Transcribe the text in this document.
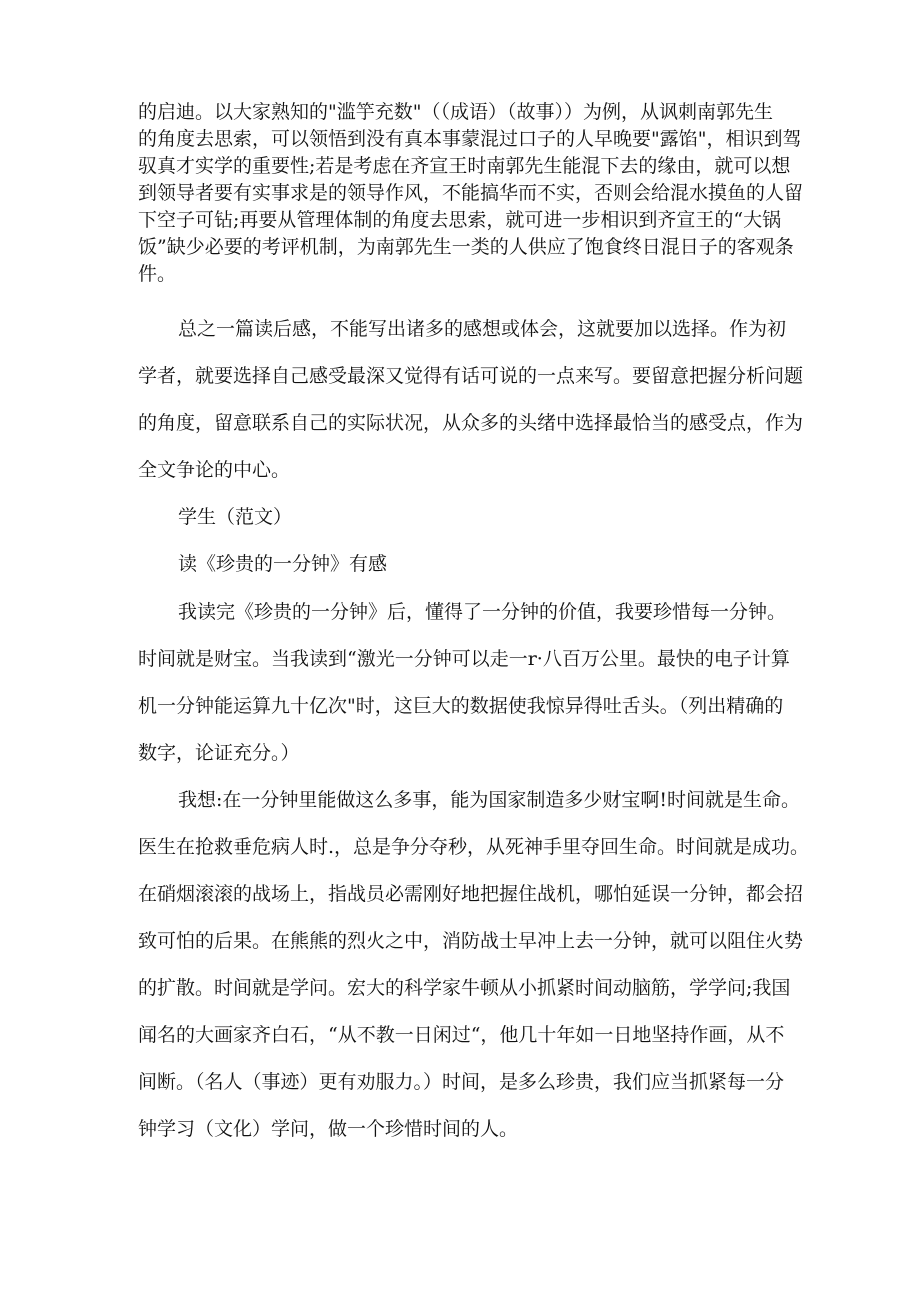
的启迪。以大家熟知的"滥竽充数"（（成语）（故事））为例，从讽刺南郭先生
的角度去思索，可以领悟到没有真本事蒙混过口子的人早晚要"露馅"，相识到驾
驭真才实学的重要性;若是考虑在齐宣王时南郭先生能混下去的缘由，就可以想
到领导者要有实事求是的领导作风，不能搞华而不实，否则会给混水摸鱼的人留
下空子可钻;再要从管理体制的角度去思索，就可进一步相识到齐宣王的“大锅
饭”缺少必要的考评机制，为南郭先生一类的人供应了饱食终日混日子的客观条
件。
总之一篇读后感，不能写出诸多的感想或体会，这就要加以选择。作为初
学者，就要选择自己感受最深又觉得有话可说的一点来写。要留意把握分析问题
的角度，留意联系自己的实际状况，从众多的头绪中选择最恰当的感受点，作为
全文争论的中心。
学生（范文）
读《珍贵的一分钟》有感
我读完《珍贵的一分钟》后，懂得了一分钟的价值，我要珍惜每一分钟。
时间就是财宝。当我读到“激光一分钟可以走一r·八百万公里。最快的电子计算
机一分钟能运算九十亿次"时，这巨大的数据使我惊异得吐舌头。（列出精确的
数字，论证充分。）
我想:在一分钟里能做这么多事，能为国家制造多少财宝啊!时间就是生命。
医生在抢救垂危病人时.，总是争分夺秒，从死神手里夺回生命。时间就是成功。
在硝烟滚滚的战场上，指战员必需刚好地把握住战机，哪怕延误一分钟，都会招
致可怕的后果。在熊熊的烈火之中，消防战士早冲上去一分钟，就可以阻住火势
的扩散。时间就是学问。宏大的科学家牛顿从小抓紧时间动脑筋，学学问;我国
闻名的大画家齐白石，“从不教一日闲过“，他几十年如一日地坚持作画，从不
间断。（名人（事迹）更有劝服力。）时间，是多么珍贵，我们应当抓紧每一分
钟学习（文化）学问，做一个珍惜时间的人。
